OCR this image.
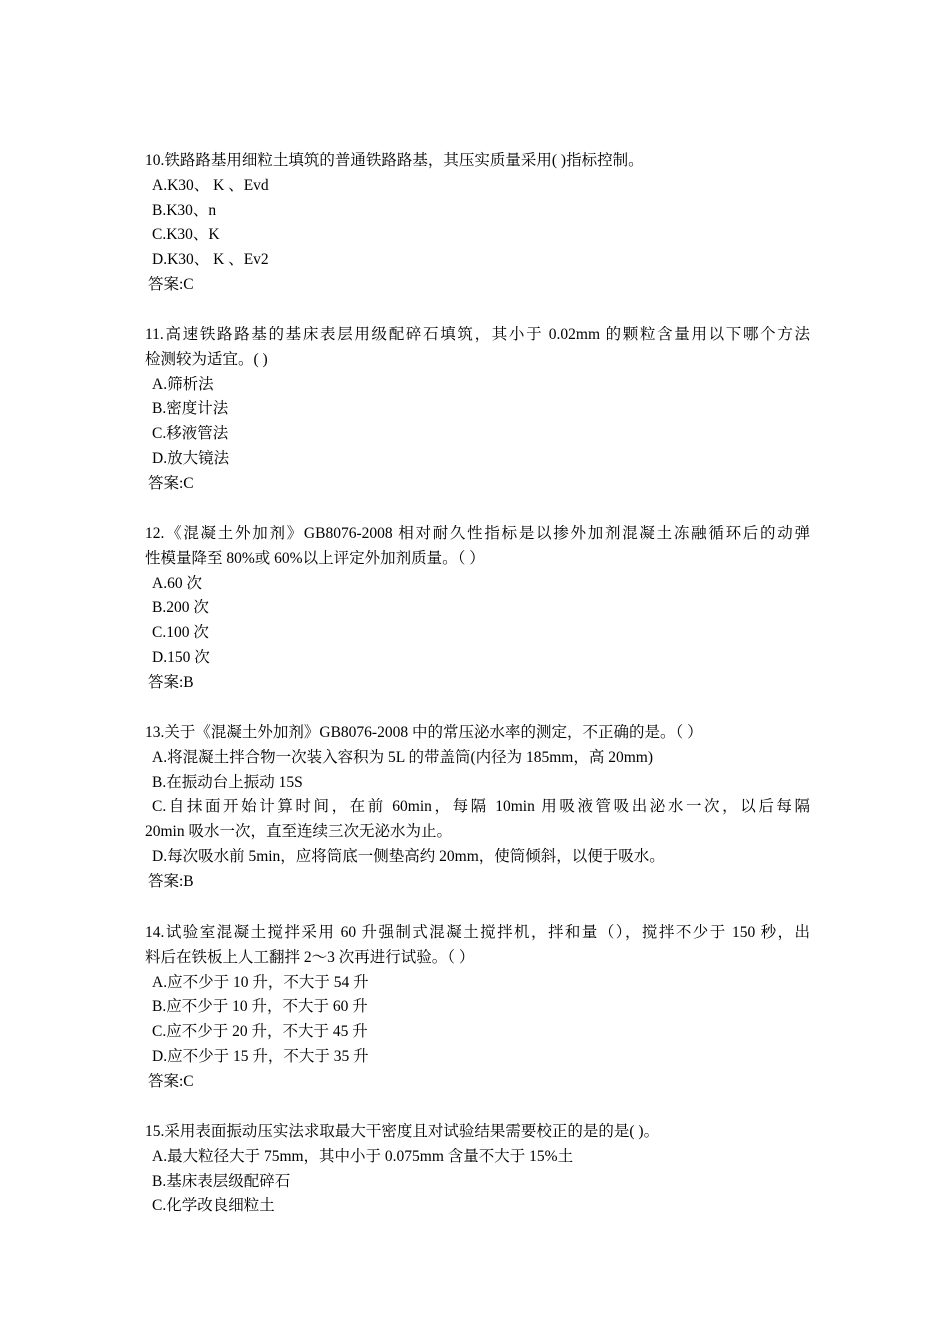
10.铁路路基用细粒土填筑的普通铁路路基，其压实质量采用( )指标控制。
A.K30、 K 、Evd
B.K30、n
C.K30、K
D.K30、 K 、Ev2
答案:C
11.高速铁路路基的基床表层用级配碎石填筑，其小于 0.02mm 的颗粒含量用以下哪个方法
检测较为适宜。( )
A.筛析法
B.密度计法
C.移液管法
D.放大镜法
答案:C
12.《混凝土外加剂》GB8076-2008 相对耐久性指标是以掺外加剂混凝土冻融循环后的动弹
性模量降至 80%或 60%以上评定外加剂质量。（ ）
A.60 次
B.200 次
C.100 次
D.150 次
答案:B
13.关于《混凝土外加剂》GB8076-2008 中的常压泌水率的测定，不正确的是。（ ）
A.将混凝土拌合物一次装入容积为 5L 的带盖筒(内径为 185mm，高 20mm)
B.在振动台上振动 15S
C.自抹面开始计算时间，在前 60min，每隔 10min 用吸液管吸出泌水一次，以后每隔
20min 吸水一次，直至连续三次无泌水为止。
D.每次吸水前 5min，应将筒底一侧垫高约 20mm，使筒倾斜，以便于吸水。
答案:B
14.试验室混凝土搅拌采用 60 升强制式混凝土搅拌机，拌和量（），搅拌不少于 150 秒，出
料后在铁板上人工翻拌 2～3 次再进行试验。（ ）
A.应不少于 10 升，不大于 54 升
B.应不少于 10 升，不大于 60 升
C.应不少于 20 升，不大于 45 升
D.应不少于 15 升，不大于 35 升
答案:C
15.采用表面振动压实法求取最大干密度且对试验结果需要校正的是的是( )。
A.最大粒径大于 75mm，其中小于 0.075mm 含量不大于 15%土
B.基床表层级配碎石
C.化学改良细粒土
